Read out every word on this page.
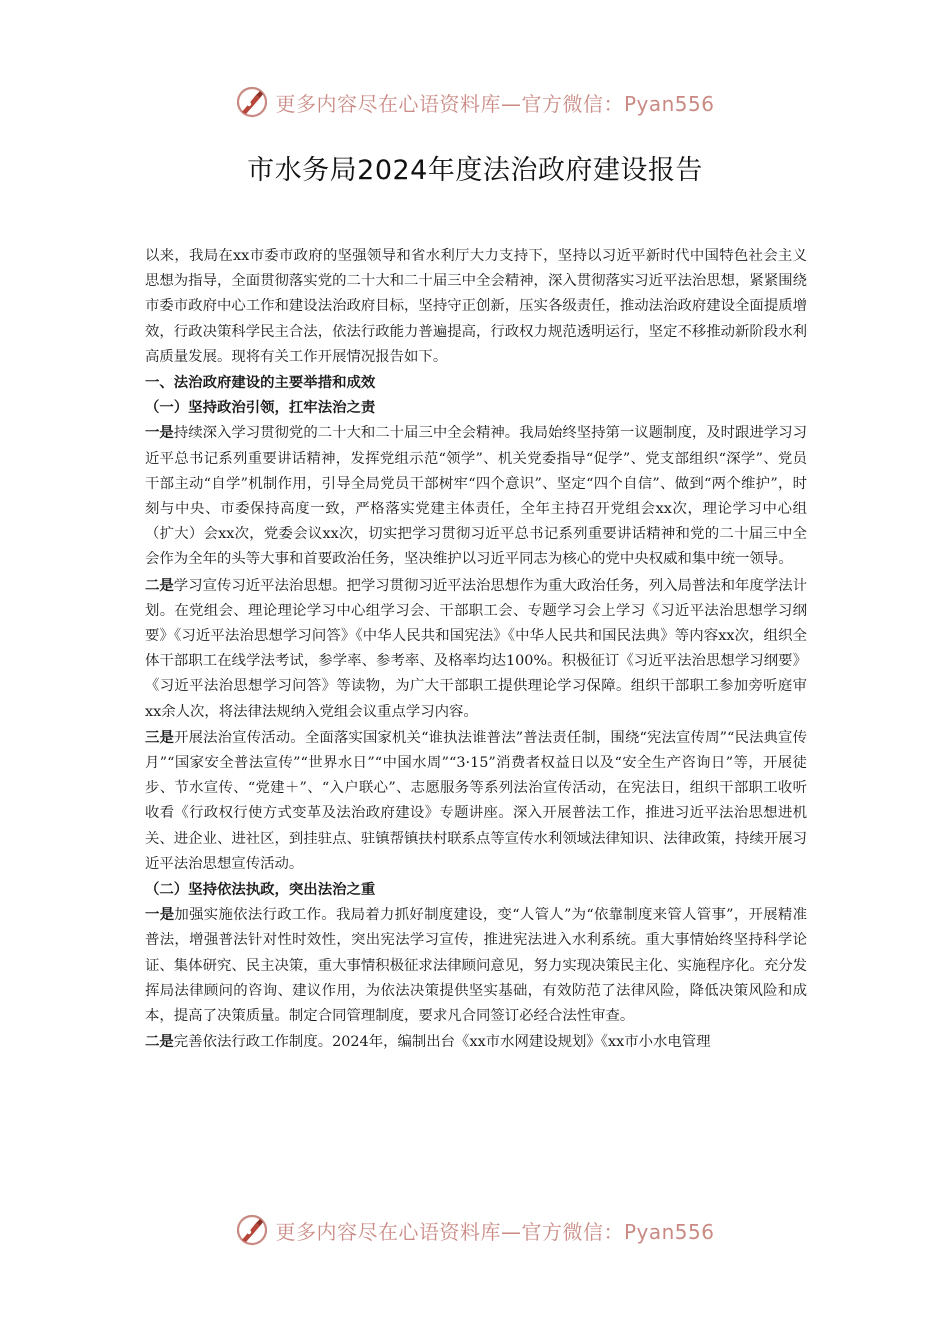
更多内容尽在心语资料库—官方微信：Pyan556
市水务局2024年度法治政府建设报告

以来，我局在xx市委市政府的坚强领导和省水利厅大力支持下，坚持以习近平新时代中国特色社会主义思想为指导，全面贯彻落实党的二十大和二十届三中全会精神，深入贯彻落实习近平法治思想，紧紧围绕市委市政府中心工作和建设法治政府目标，坚持守正创新，压实各级责任，推动法治政府建设全面提质增效，行政决策科学民主合法，依法行政能力普遍提高，行政权力规范透明运行，坚定不移推动新阶段水利高质量发展。现将有关工作开展情况报告如下。

一、法治政府建设的主要举措和成效

（一）坚持政治引领，扛牢法治之责

一是持续深入学习贯彻党的二十大和二十届三中全会精神。我局始终坚持第一议题制度，及时跟进学习习近平总书记系列重要讲话精神，发挥党组示范“领学”、机关党委指导“促学”、党支部组织“深学”、党员干部主动“自学”机制作用，引导全局党员干部树牢“四个意识”、坚定“四个自信”、做到“两个维护”，时刻与中央、市委保持高度一致，严格落实党建主体责任，全年主持召开党组会xx次，理论学习中心组（扩大）会xx次，党委会议xx次，切实把学习贯彻习近平总书记系列重要讲话精神和党的二十届三中全会作为全年的头等大事和首要政治任务，坚决维护以习近平同志为核心的党中央权威和集中统一领导。

二是学习宣传习近平法治思想。把学习贯彻习近平法治思想作为重大政治任务，列入局普法和年度学法计划。在党组会、理论理论学习中心组学习会、干部职工会、专题学习会上学习《习近平法治思想学习纲要》《习近平法治思想学习问答》《中华人民共和国宪法》《中华人民共和国民法典》等内容xx次，组织全体干部职工在线学法考试，参学率、参考率、及格率均达100%。积极征订《习近平法治思想学习纲要》《习近平法治思想学习问答》等读物，为广大干部职工提供理论学习保障。组织干部职工参加旁听庭审xx余人次，将法律法规纳入党组会议重点学习内容。

三是开展法治宣传活动。全面落实国家机关“谁执法谁普法”普法责任制，围绕“宪法宣传周”“民法典宣传月”“国家安全普法宣传”“世界水日”“中国水周”“3·15”消费者权益日以及“安全生产咨询日”等，开展徒步、节水宣传、“党建＋”、“入户联心”、志愿服务等系列法治宣传活动，在宪法日，组织干部职工收听收看《行政权行使方式变革及法治政府建设》专题讲座。深入开展普法工作，推进习近平法治思想进机关、进企业、进社区，到挂驻点、驻镇帮镇扶村联系点等宣传水利领域法律知识、法律政策，持续开展习近平法治思想宣传活动。

（二）坚持依法执政，突出法治之重

一是加强实施依法行政工作。我局着力抓好制度建设，变“人管人”为“依靠制度来管人管事”，开展精准普法，增强普法针对性时效性，突出宪法学习宣传，推进宪法进入水利系统。重大事情始终坚持科学论证、集体研究、民主决策，重大事情积极征求法律顾问意见，努力实现决策民主化、实施程序化。充分发挥局法律顾问的咨询、建议作用，为依法决策提供坚实基础，有效防范了法律风险，降低决策风险和成本，提高了决策质量。制定合同管理制度，要求凡合同签订必经合法性审查。

二是完善依法行政工作制度。2024年，编制出台《xx市水网建设规划》《xx市小水电管理

更多内容尽在心语资料库—官方微信：Pyan556
